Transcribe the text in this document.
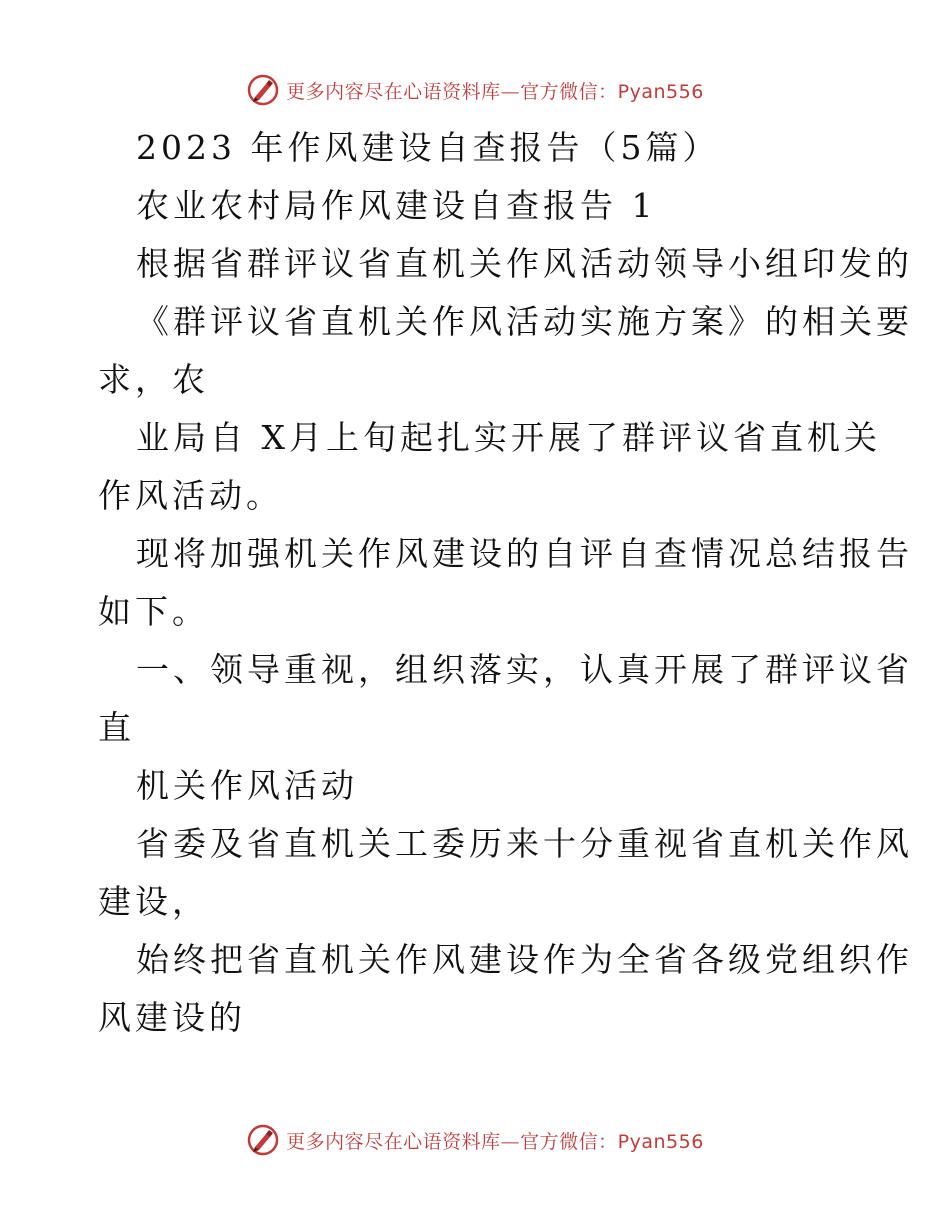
更多内容尽在心语资料库—官方微信：Pyan556
2023 年作风建设自查报告（5篇）
农业农村局作风建设自查报告 1
根据省群评议省直机关作风活动领导小组印发的
《群评议省直机关作风活动实施方案》的相关要
求，农
业局自 X月上旬起扎实开展了群评议省直机关
作风活动。
现将加强机关作风建设的自评自查情况总结报告
如下。
一、领导重视，组织落实，认真开展了群评议省
直
机关作风活动
省委及省直机关工委历来十分重视省直机关作风
建设，
始终把省直机关作风建设作为全省各级党组织作
风建设的
更多内容尽在心语资料库—官方微信：Pyan556
